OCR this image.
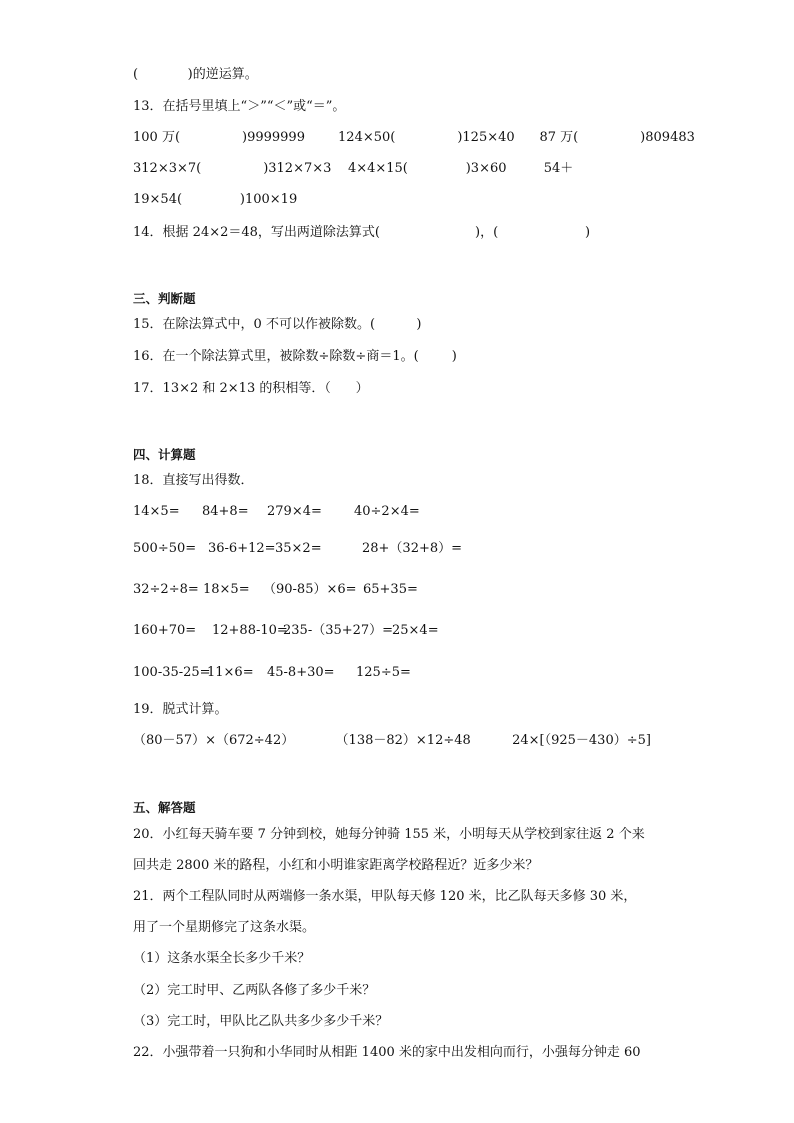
(            )的逆运算。
13．在括号里填上“＞”“＜”或“＝”。
100 万(               )9999999        124×50(               )125×40      87 万(               )809483
312×3×7(               )312×7×3    4×4×15(              )3×60         54＋
19×54(              )100×19
14．根据 24×2＝48，写出两道除法算式(                       )，(                     )
三、判断题
15．在除法算式中，0 不可以作被除数。(          )
16．在一个除法算式里，被除数÷除数÷商＝1。(        )
17．13×2 和 2×13 的积相等．（      ）
四、计算题
18．直接写出得数．
14×5= 84+8= 279×4= 40÷2×4=
500÷50= 36-6+12= 35×2=	28+（32+8）=
32÷2÷8= 18×5= （90-85）×6= 65+35=
160+70= 12+88-10=
235-（35+27）=
25×4=
100-35-25=
11×6= 45-8+30= 125÷5=
19．脱式计算。
（80－57）×（672÷42）          （138－82）×12÷48          24×[（925－430）÷5]
五、解答题
20．小红每天骑车要 7 分钟到校，她每分钟骑 155 米，小明每天从学校到家往返 2 个来
回共走 2800 米的路程，小红和小明谁家距离学校路程近？近多少米？
21．两个工程队同时从两端修一条水渠，甲队每天修 120 米，比乙队每天多修 30 米，
用了一个星期修完了这条水渠。
（1）这条水渠全长多少千米？
（2）完工时甲、乙两队各修了多少千米？
（3）完工时，甲队比乙队共多少多少千米？
22．小强带着一只狗和小华同时从相距 1400 米的家中出发相向而行，小强每分钟走 60
